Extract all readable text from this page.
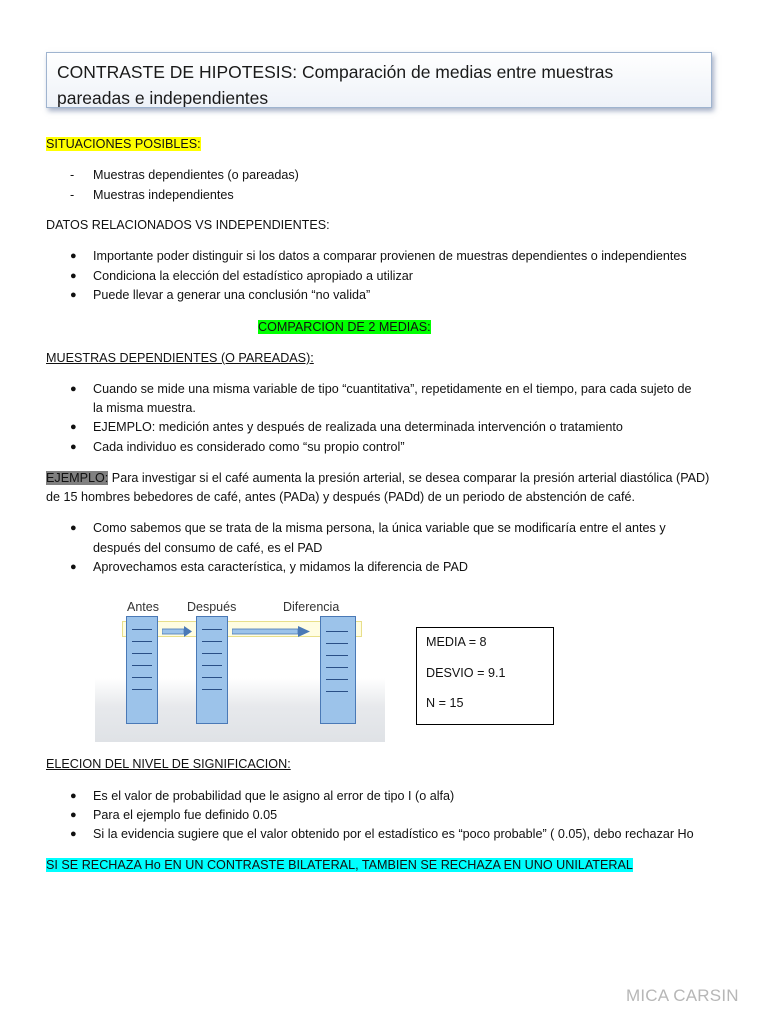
CONTRASTE DE HIPOTESIS: Comparación de medias entre muestras
pareadas e independientes
SITUACIONES POSIBLES:
- Muestras dependientes (o pareadas)
- Muestras independientes
DATOS RELACIONADOS VS INDEPENDIENTES:
● Importante poder distinguir si los datos a comparar provienen de muestras dependientes o independientes
● Condiciona la elección del estadístico apropiado a utilizar
● Puede llevar a generar una conclusión “no valida”
COMPARCION DE 2 MEDIAS:
MUESTRAS DEPENDIENTES (O PAREADAS):
● Cuando se mide una misma variable de tipo “cuantitativa”, repetidamente en el tiempo, para cada sujeto de
la misma muestra.
● EJEMPLO: medición antes y después de realizada una determinada intervención o tratamiento
● Cada individuo es considerado como “su propio control”
EJEMPLO: Para investigar si el café aumenta la presión arterial, se desea comparar la presión arterial diastólica (PAD)
de 15 hombres bebedores de café, antes (PADa) y después (PADd) de un periodo de abstención de café.
● Como sabemos que se trata de la misma persona, la única variable que se modificaría entre el antes y
después del consumo de café, es el PAD
● Aprovechamos esta característica, y midamos la diferencia de PAD
Antes Después	Diferencia
MEDIA = 8
DESVIO = 9.1
N = 15
ELECION DEL NIVEL DE SIGNIFICACION:
● Es el valor de probabilidad que le asigno al error de tipo I (o alfa)
● Para el ejemplo fue definido 0.05
● Si la evidencia sugiere que el valor obtenido por el estadístico es “poco probable” ( 0.05), debo rechazar Ho
SI SE RECHAZA Ho EN UN CONTRASTE BILATERAL, TAMBIEN SE RECHAZA EN UNO UNILATERAL
MICA CARSIN
